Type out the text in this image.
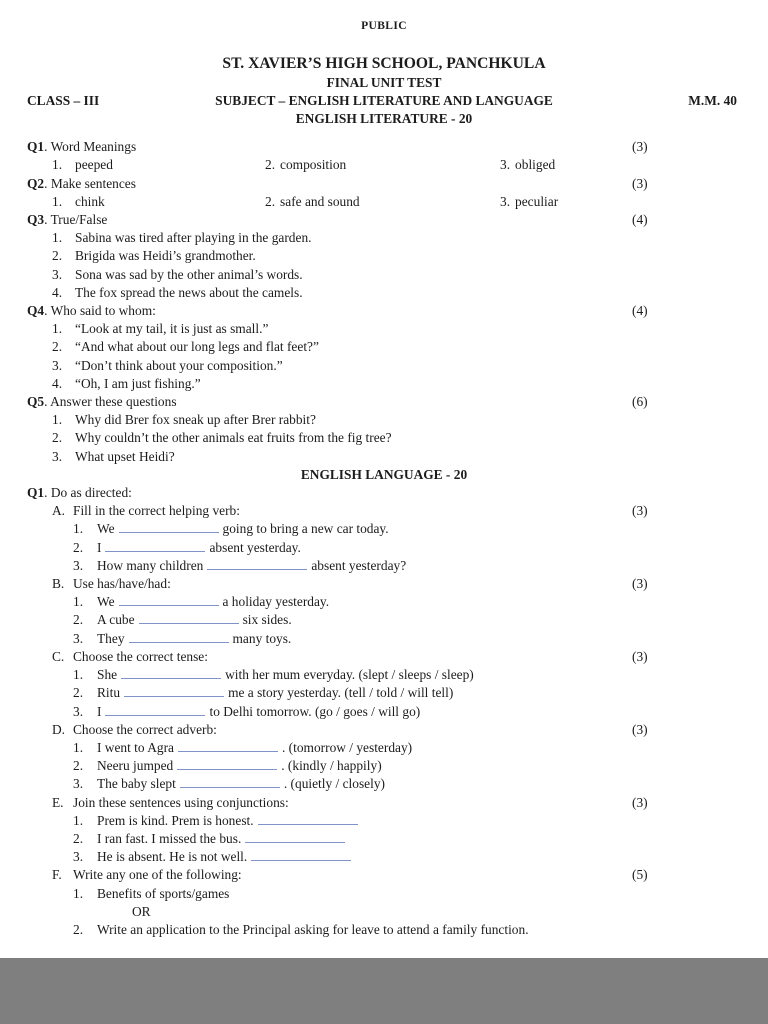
PUBLIC
ST. XAVIER’S HIGH SCHOOL, PANCHKULA
FINAL UNIT TEST
CLASS – III	SUBJECT – ENGLISH LITERATURE AND LANGUAGE	M.M. 40
ENGLISH LITERATURE - 20
Q1. Word Meanings	(3)
1. peeped	2. composition	3. obliged
Q2. Make sentences	(3)
1. chink	2. safe and sound	3. peculiar
Q3. True/False	(4)
1. Sabina was tired after playing in the garden.
2. Brigida was Heidi’s grandmother.
3. Sona was sad by the other animal’s words.
4. The fox spread the news about the camels.
Q4. Who said to whom:	(4)
1. “Look at my tail, it is just as small.”
2. “And what about our long legs and flat feet?”
3. “Don’t think about your composition.”
4. “Oh, I am just fishing.”
Q5. Answer these questions	(6)
1. Why did Brer fox sneak up after Brer rabbit?
2. Why couldn’t the other animals eat fruits from the fig tree?
3. What upset Heidi?
ENGLISH LANGUAGE - 20
Q1. Do as directed:
A. Fill in the correct helping verb:	(3)
1. We	going to bring a new car today.
2. I	absent yesterday.
3. How many children	absent yesterday?
B. Use has/have/had:	(3)
1. We	a holiday yesterday.
2. A cube	six sides.
3. They	many toys.
C. Choose the correct tense:	(3)
1. She	with her mum everyday. (slept / sleeps / sleep)
2. Ritu	me a story yesterday. (tell / told / will tell)
3. I	to Delhi tomorrow. (go / goes / will go)
D. Choose the correct adverb:	(3)
1. I went to Agra	. (tomorrow / yesterday)
2. Neeru jumped	. (kindly / happily)
3. The baby slept	. (quietly / closely)
E. Join these sentences using conjunctions:	(3)
1. Prem is kind. Prem is honest.
2. I ran fast. I missed the bus.
3. He is absent. He is not well.
F. Write any one of the following:	(5)
1. Benefits of sports/games
OR
2. Write an application to the Principal asking for leave to attend a family function.
